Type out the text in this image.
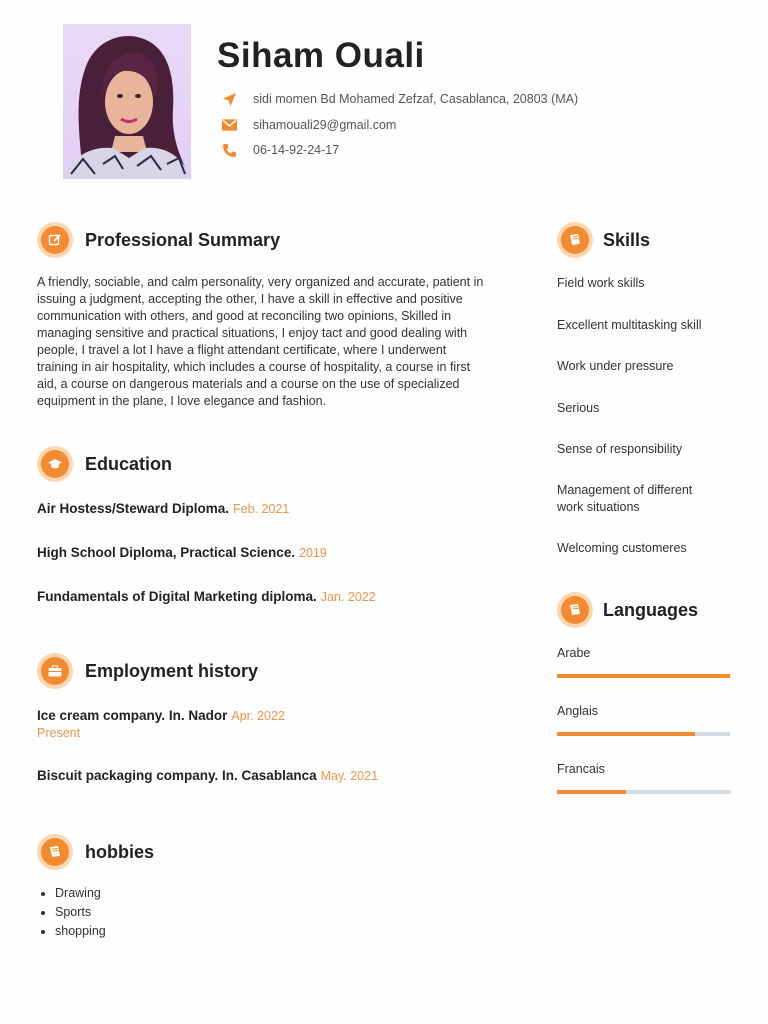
Siham Ouali
sidi momen Bd Mohamed Zefzaf, Casablanca, 20803 (MA)
sihamouali29@gmail.com
06-14-92-24-17
Professional Summary

A friendly, sociable, and calm personality, very organized and accurate, patient in issuing a judgment, accepting the other, I have a skill in effective and positive communication with others, and good at reconciling two opinions, Skilled in managing sensitive and practical situations, I enjoy tact and good dealing with people, I travel a lot I have a flight attendant certificate, where I underwent training in air hospitality, which includes a course of hospitality, a course in first aid, a course on dangerous materials and a course on the use of specialized equipment in the plane, I love elegance and fashion.

Education
Air Hostess/Steward Diploma. Feb. 2021
High School Diploma, Practical Science. 2019
Fundamentals of Digital Marketing diploma. Jan. 2022
Employment history
Ice cream company. In. Nador Apr. 2022
Present
Biscuit packaging company. In. Casablanca May. 2021
hobbies
• Drawing
• Sports
• shopping
Skills
Field work skills
Excellent multitasking skill
Work under pressure
Serious
Sense of responsibility
Management of different work situations
Welcoming customeres
Languages
Arabe
Anglais
Francais
